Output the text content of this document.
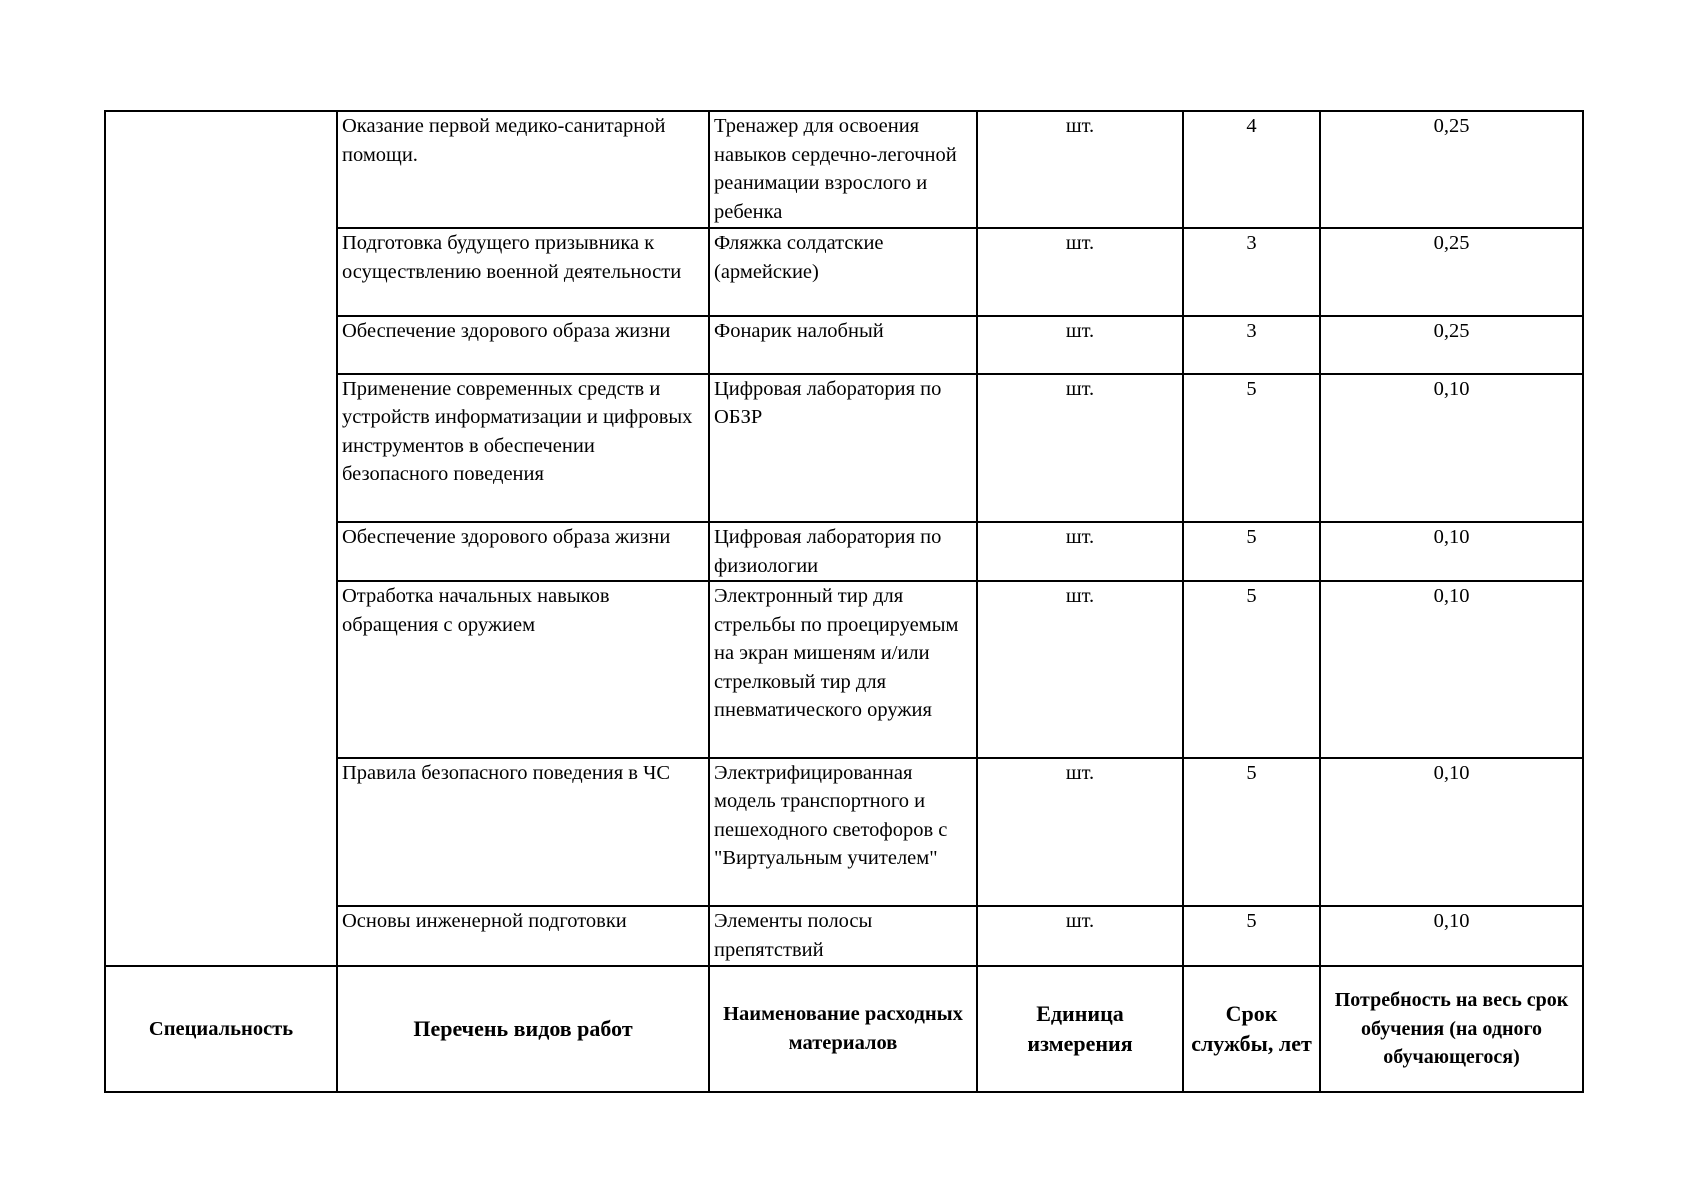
	Оказание первой медико-санитарной помощи.	Тренажер для освоения навыков сердечно-легочной реанимации взрослого и ребенка	шт.	4	0,25
	Подготовка будущего призывника к осуществлению военной деятельности	Фляжка солдатские (армейские)	шт.	3	0,25
	Обеспечение здорового образа жизни	Фонарик налобный	шт.	3	0,25
	Применение современных средств и устройств информатизации и цифровых инструментов в обеспечении безопасного поведения	Цифровая лаборатория по ОБЗР	шт.	5	0,10
	Обеспечение здорового образа жизни	Цифровая лаборатория по физиологии	шт.	5	0,10
	Отработка начальных навыков обращения с оружием	Электронный тир для стрельбы по проецируемым на экран мишеням и/или стрелковый тир для пневматического оружия	шт.	5	0,10
	Правила безопасного поведения в ЧС	Электрифицированная модель транспортного и пешеходного светофоров с "Виртуальным учителем"	шт.	5	0,10
	Основы инженерной подготовки	Элементы полосы препятствий	шт.	5	0,10
Специальность	Перечень видов работ	Наименование расходных материалов	Единица измерения	Срок службы, лет	Потребность на весь срок обучения (на одного обучающегося)
